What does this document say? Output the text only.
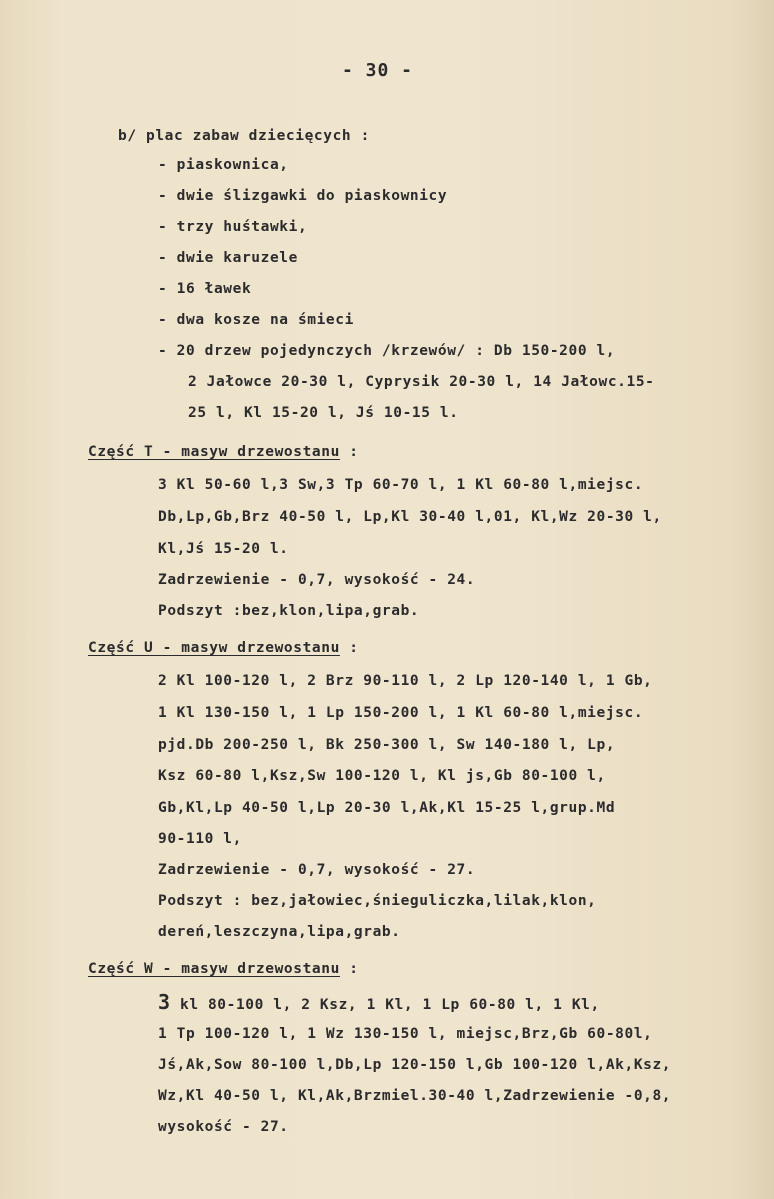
- 30 -
b/ plac zabaw dziecięcych :
- piaskownica,
- dwie ślizgawki do piaskownicy
- trzy huśtawki,
- dwie karuzele
- 16 ławek
- dwa kosze na śmieci
- 20 drzew pojedynczych /krzewów/ : Db 150-200 l,
2 Jałowce 20-30 l, Cyprysik 20-30 l, 14 Jałowc.15-
25 l, Kl 15-20 l, Jś 10-15 l.
Część T - masyw drzewostanu :
3 Kl 50-60 l,3 Sw,3 Tp 60-70 l, 1 Kl 60-80 l,miejsc.
Db,Lp,Gb,Brz 40-50 l, Lp,Kl 30-40 l,01, Kl,Wz 20-30 l,
Kl,Jś 15-20 l.
Zadrzewienie - 0,7, wysokość - 24.
Podszyt :bez,klon,lipa,grab.
Część U - masyw drzewostanu :
2 Kl 100-120 l, 2 Brz 90-110 l, 2 Lp 120-140 l, 1 Gb,
1 Kl 130-150 l, 1 Lp 150-200 l, 1 Kl 60-80 l,miejsc.
pjd.Db 200-250 l, Bk 250-300 l, Sw 140-180 l, Lp,
Ksz 60-80 l,Ksz,Sw 100-120 l, Kl js,Gb 80-100 l,
Gb,Kl,Lp 40-50 l,Lp 20-30 l,Ak,Kl 15-25 l,grup.Md
90-110 l,
Zadrzewienie - 0,7, wysokość - 27.
Podszyt : bez,jałowiec,śnieguliczka,lilak,klon,
dereń,leszczyna,lipa,grab.
Część W - masyw drzewostanu :
3 kl 80-100 l, 2 Ksz, 1 Kl, 1 Lp 60-80 l, 1 Kl,
1 Tp 100-120 l, 1 Wz 130-150 l, miejsc,Brz,Gb 60-80l,
Jś,Ak,Sow 80-100 l,Db,Lp 120-150 l,Gb 100-120 l,Ak,Ksz,
Wz,Kl 40-50 l, Kl,Ak,Brzmiel.30-40 l,Zadrzewienie -0,8,
wysokość - 27.
